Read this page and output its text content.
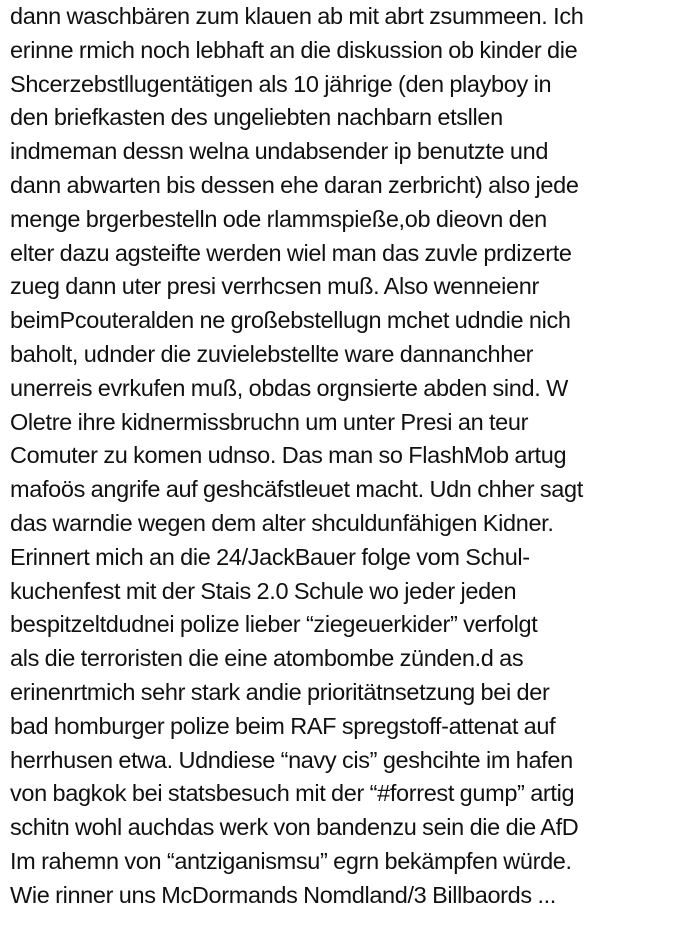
dann waschbären zum klauen ab mit abrt zsummeen. Ich
erinne rmich noch lebhaft an die diskussion ob kinder die
Shcerzebstllugentätigen als 10 jährige (den playboy in
den briefkasten des ungeliebten nachbarn etsllen
indmeman dessn welna undabsender ip benutzte und
dann abwarten bis dessen ehe daran zerbricht) also jede
menge brgerbestelln ode rlammspieße,ob dieovn den
elter dazu agsteifte werden wiel man das zuvle prdizerte
zueg dann uter presi verrhcsen muß. Also wenneienr
beimPcouteralden ne großebstellugn mchet udndie nich
baholt, udnder die zuvielebstellte ware dannanchher
unerreis evrkufen muß, obdas orgnsierte abden sind. W
Oletre ihre kidnermissbruchn um unter Presi an teur
Comuter zu komen udnso. Das man so FlashMob artug
mafoös angrife auf geshcäfstleuet macht. Udn chher sagt
das warndie wegen dem alter shculdunfähigen Kidner.
Erinnert mich an die 24/JackBauer folge vom Schul-
kuchenfest mit der Stais 2.0 Schule wo jeder jeden
bespitzeltdudnei polize lieber “ziegeuerkider” verfolgt
als die terroristen die eine atombombe zünden.d as
erinenrtmich sehr stark andie prioritätnsetzung bei der
bad homburger polize beim RAF spregstoff-attenat auf
herrhusen etwa. Udndiese “navy cis” geshcihte im hafen
von bagkok bei statsbesuch mit der “#forrest gump” artig
schitn wohl auchdas werk von bandenzu sein die die AfD
Im rahemn von “antziganismsu” egrn bekämpfen würde.
Wie rinner uns McDormands Nomdland/3 Billbaords ...
